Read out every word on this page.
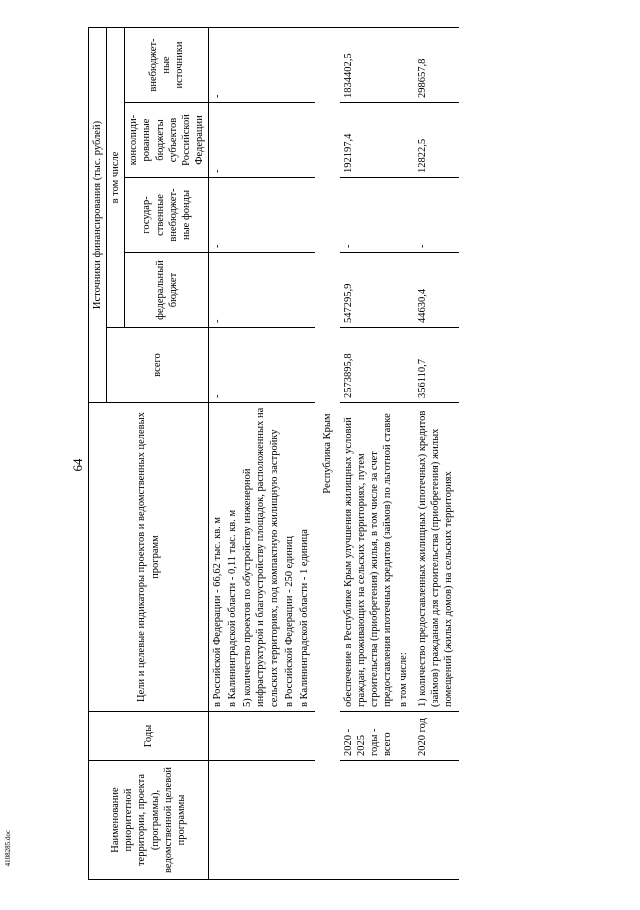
4108285.doc
64
Наименование приоритетной территории, проекта (программы), ведомственной целевой программы	Годы	Цели и целевые индикаторы проектов и ведомственных целевых программ	Источники финансирования (тыс. рублей)				
			всего	в том числе			
				федеральный бюджет	государ-ственные внебюджет-ные фонды	консолиди-рованные бюджеты субъектов Российской Федерации	внебюджет-ные источники

		в Российской Федерации - 66,62 тыс. кв. м в Калининградской области - 0,11 тыс. кв. м 5) количество проектов по обустройству инженерной инфраструктурой и благоустройству площадок, расположенных на сельских территориях, под компактную жилищную застройку в Российской Федерации - 250 единиц в Калининградской области - 1 единица	-	-	-	-	-
Республика Крым							
	2020 - 2025 годы - всего	обеспечение в Республике Крым улучшения жилищных условий граждан, проживающих на сельских территориях, путем строительства (приобретения) жилья, в том числе за счет предоставления ипотечных кредитов (займов) по льготной ставке в том числе:	2573895,8	547295,9	-	192197,4	1834402,5
	2020 год	1) количество предоставленных жилищных (ипотечных) кредитов (займов) гражданам для строительства (приобретения) жилых помещений (жилых домов) на сельских территориях	356110,7	44630,4	-	12822,5	298657,8
